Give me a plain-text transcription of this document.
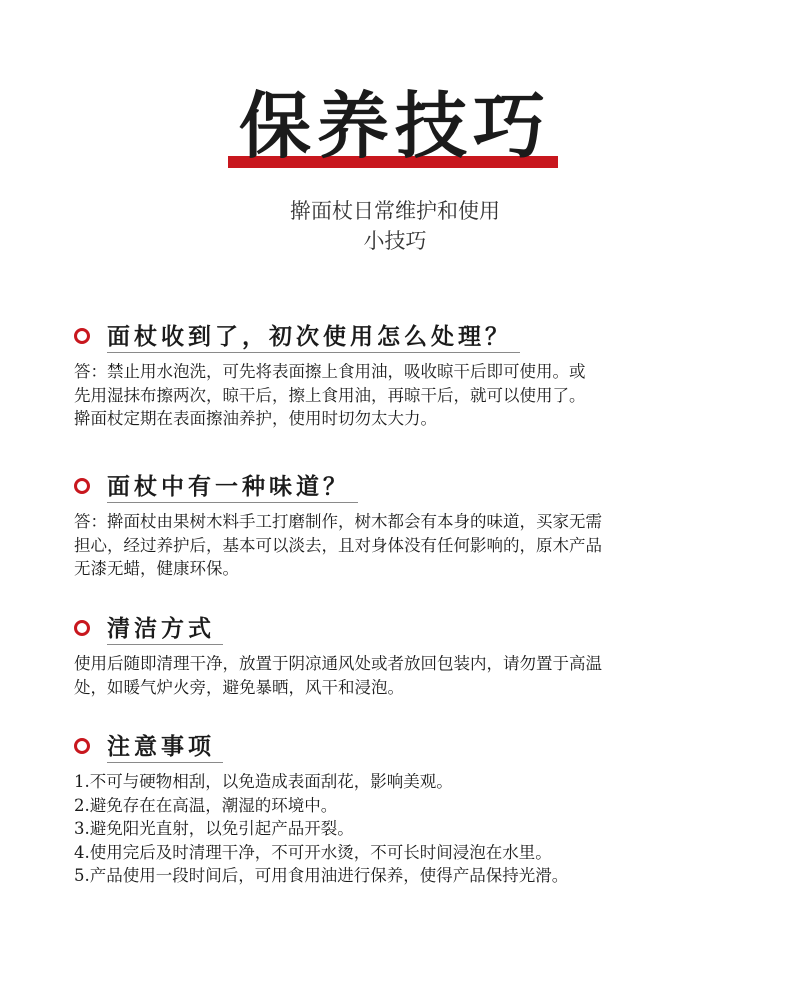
保养技巧
擀面杖日常维护和使用
小技巧
面杖收到了，初次使用怎么处理？

答：禁止用水泡洗，可先将表面擦上食用油，吸收晾干后即可使用。或

先用湿抹布擦两次，晾干后，擦上食用油，再晾干后，就可以使用了。

擀面杖定期在表面擦油养护，使用时切勿太大力。

面杖中有一种味道？

答：擀面杖由果树木料手工打磨制作，树木都会有本身的味道，买家无需

担心，经过养护后，基本可以淡去，且对身体没有任何影响的，原木产品

无漆无蜡，健康环保。

清洁方式

使用后随即清理干净，放置于阴凉通风处或者放回包装内，请勿置于高温

处，如暖气炉火旁，避免暴晒，风干和浸泡。

注意事项

1.不可与硬物相刮，以免造成表面刮花，影响美观。

2.避免存在在高温，潮湿的环境中。

3.避免阳光直射，以免引起产品开裂。

4.使用完后及时清理干净，不可开水烫，不可长时间浸泡在水里。

5.产品使用一段时间后，可用食用油进行保养，使得产品保持光滑。
